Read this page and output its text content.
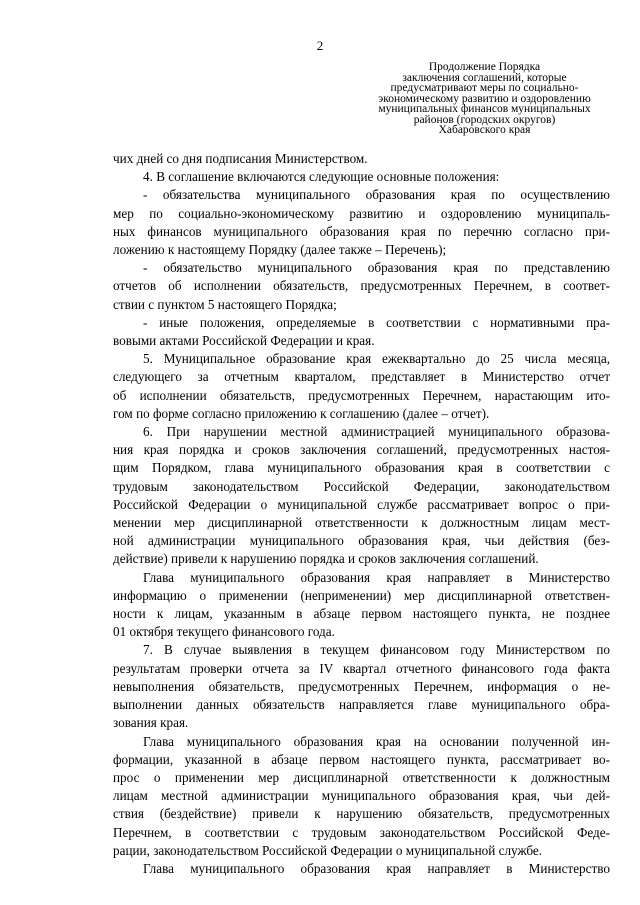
2
Продолжение Порядка
заключения соглашений, которые
предусматривают меры по социально-
экономическому развитию и оздоровлению
муниципальных финансов муниципальных
районов (городских округов)
Хабаровского края
чих дней со дня подписания Министерством.
4. В соглашение включаются следующие основные положения:
- обязательства муниципального образования края по осуществлению
мер по социально-экономическому развитию и оздоровлению муниципаль-
ных финансов муниципального образования края по перечню согласно при-
ложению к настоящему Порядку (далее также – Перечень);
- обязательство муниципального образования края по представлению
отчетов об исполнении обязательств, предусмотренных Перечнем, в соответ-
ствии с пунктом 5 настоящего Порядка;
- иные положения, определяемые в соответствии с нормативными пра-
вовыми актами Российской Федерации и края.
5. Муниципальное образование края ежеквартально до 25 числа месяца,
следующего за отчетным кварталом, представляет в Министерство отчет
об исполнении обязательств, предусмотренных Перечнем, нарастающим ито-
гом по форме согласно приложению к соглашению (далее – отчет).
6. При нарушении местной администрацией муниципального образова-
ния края порядка и сроков заключения соглашений, предусмотренных настоя-
щим Порядком, глава муниципального образования края в соответствии с
трудовым законодательством Российской Федерации, законодательством
Российской Федерации о муниципальной службе рассматривает вопрос о при-
менении мер дисциплинарной ответственности к должностным лицам мест-
ной администрации муниципального образования края, чьи действия (без-
действие) привели к нарушению порядка и сроков заключения соглашений.
Глава муниципального образования края направляет в Министерство
информацию о применении (неприменении) мер дисциплинарной ответствен-
ности к лицам, указанным в абзаце первом настоящего пункта, не позднее
01 октября текущего финансового года.
7. В случае выявления в текущем финансовом году Министерством по
результатам проверки отчета за IV квартал отчетного финансового года факта
невыполнения обязательств, предусмотренных Перечнем, информация о не-
выполнении данных обязательств направляется главе муниципального обра-
зования края.
Глава муниципального образования края на основании полученной ин-
формации, указанной в абзаце первом настоящего пункта, рассматривает во-
прос о применении мер дисциплинарной ответственности к должностным
лицам местной администрации муниципального образования края, чьи дей-
ствия (бездействие) привели к нарушению обязательств, предусмотренных
Перечнем, в соответствии с трудовым законодательством Российской Феде-
рации, законодательством Российской Федерации о муниципальной службе.
Глава муниципального образования края направляет в Министерство
